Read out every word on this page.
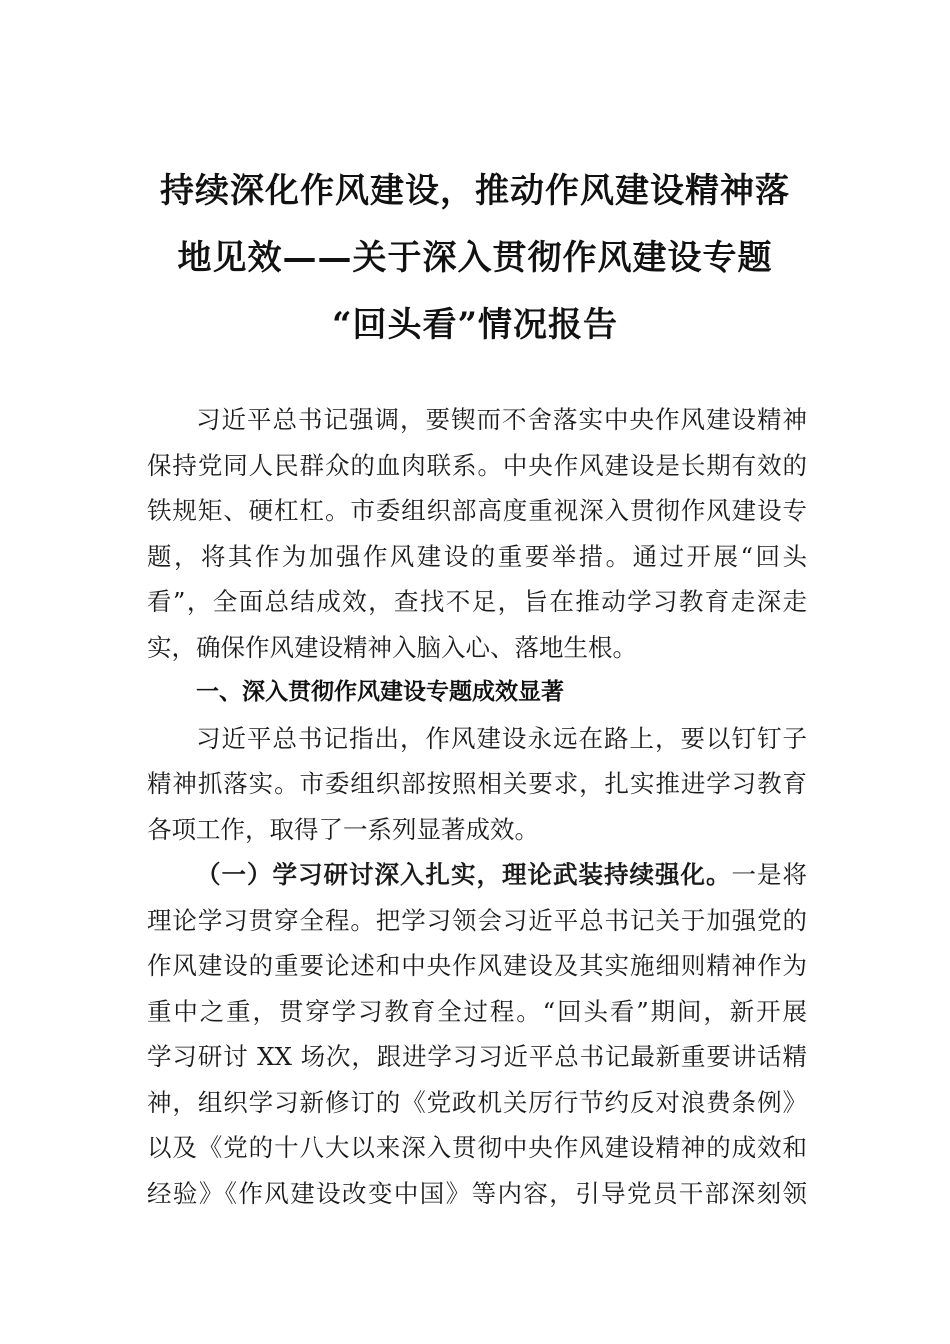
持续深化作风建设，推动作风建设精神落
地见效——关于深入贯彻作风建设专题
“回头看”情况报告
习近平总书记强调，要锲而不舍落实中央作风建设精神
保持党同人民群众的血肉联系。中央作风建设是长期有效的
铁规矩、硬杠杠。市委组织部高度重视深入贯彻作风建设专
题，将其作为加强作风建设的重要举措。通过开展“回头
看”，全面总结成效，查找不足，旨在推动学习教育走深走
实，确保作风建设精神入脑入心、落地生根。
一、深入贯彻作风建设专题成效显著
习近平总书记指出，作风建设永远在路上，要以钉钉子
精神抓落实。市委组织部按照相关要求，扎实推进学习教育
各项工作，取得了一系列显著成效。
（一）学习研讨深入扎实，理论武装持续强化。一是将
理论学习贯穿全程。把学习领会习近平总书记关于加强党的
作风建设的重要论述和中央作风建设及其实施细则精神作为
重中之重，贯穿学习教育全过程。“回头看”期间，新开展
学习研讨 XX 场次，跟进学习习近平总书记最新重要讲话精
神，组织学习新修订的《党政机关厉行节约反对浪费条例》
以及《党的十八大以来深入贯彻中央作风建设精神的成效和
经验》《作风建设改变中国》等内容，引导党员干部深刻领
